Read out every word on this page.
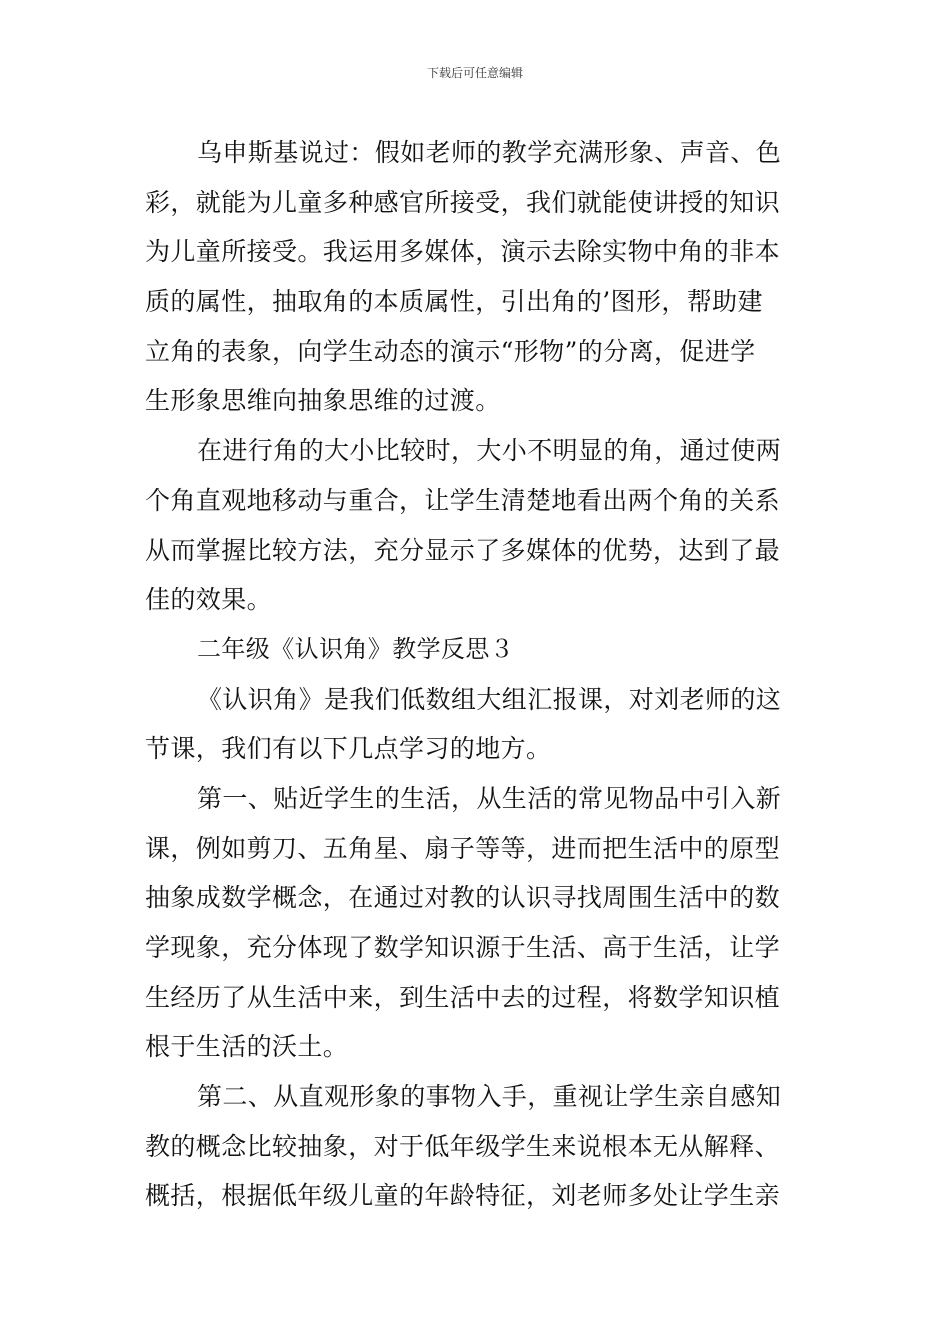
下载后可任意编辑
乌申斯基说过：假如老师的教学充满形象、声音、色
彩，就能为儿童多种感官所接受，我们就能使讲授的知识
为儿童所接受。我运用多媒体，演示去除实物中角的非本
质的属性，抽取角的本质属性，引出角的’图形，帮助建
立角的表象，向学生动态的演示“形物”的分离，促进学
生形象思维向抽象思维的过渡。
在进行角的大小比较时，大小不明显的角，通过使两
个角直观地移动与重合，让学生清楚地看出两个角的关系
从而掌握比较方法，充分显示了多媒体的优势，达到了最
佳的效果。
二年级《认识角》教学反思３
《认识角》是我们低数组大组汇报课，对刘老师的这
节课，我们有以下几点学习的地方。
第一、贴近学生的生活，从生活的常见物品中引入新
课，例如剪刀、五角星、扇子等等，进而把生活中的原型
抽象成数学概念，在通过对教的认识寻找周围生活中的数
学现象，充分体现了数学知识源于生活、高于生活，让学
生经历了从生活中来，到生活中去的过程，将数学知识植
根于生活的沃土。
第二、从直观形象的事物入手，重视让学生亲自感知
教的概念比较抽象，对于低年级学生来说根本无从解释、
概括，根据低年级儿童的年龄特征，刘老师多处让学生亲
